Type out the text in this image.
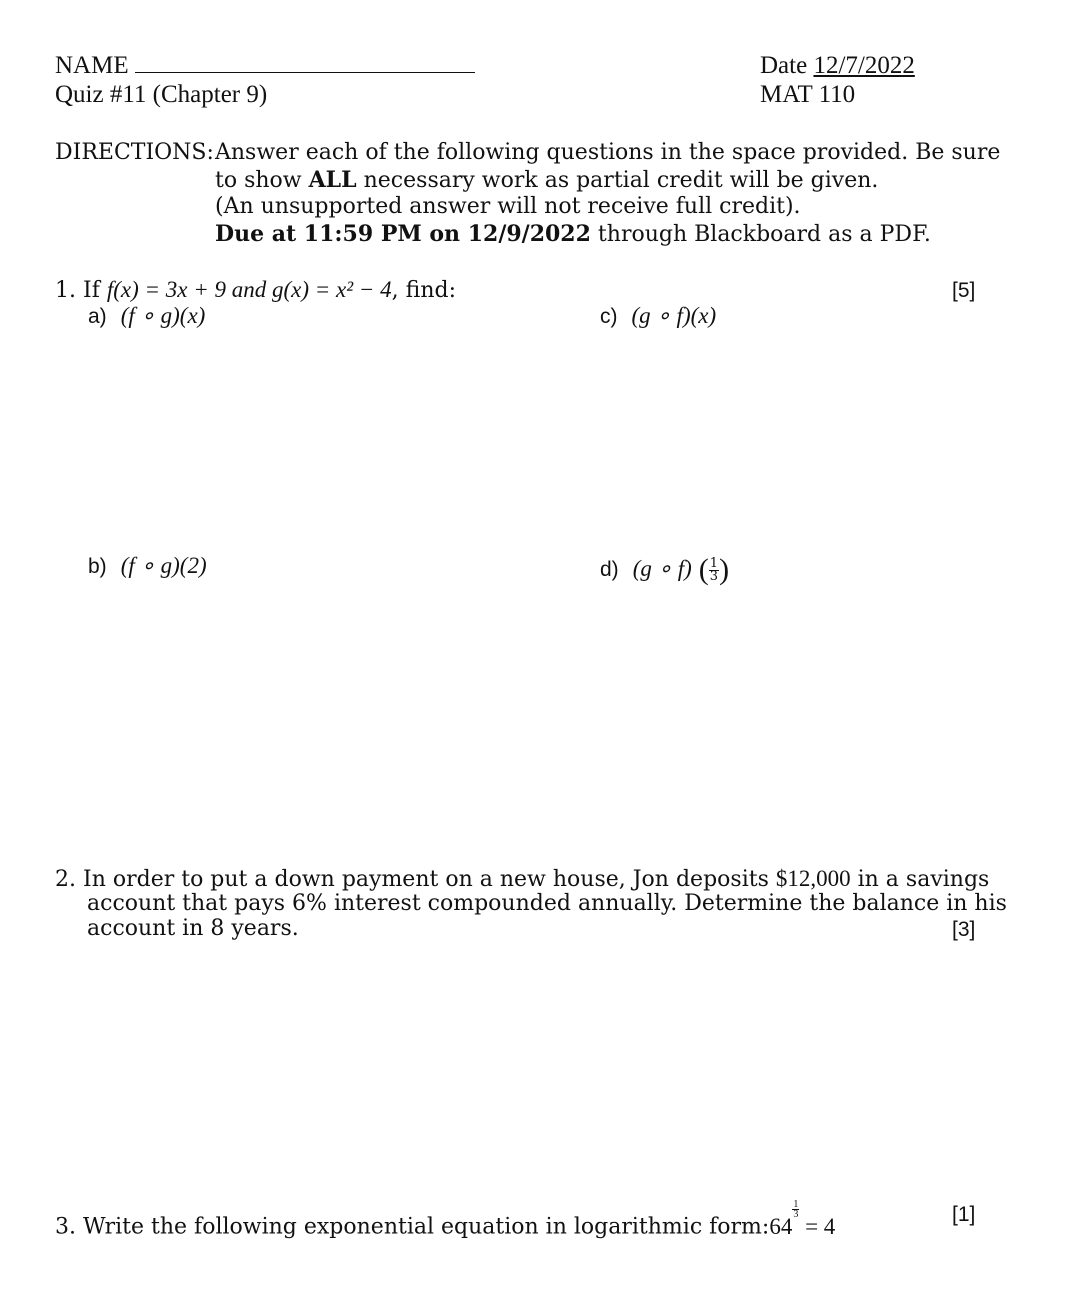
NAME
Quiz #11 (Chapter 9)
Date 12/7/2022
MAT 110
DIRECTIONS: Answer each of the following questions in the space provided. Be sure
to show ALL necessary work as partial credit will be given.
(An unsupported answer will not receive full credit).
Due at 11:59 PM on 12/9/2022 through Blackboard as a PDF.
1. If f(x) = 3x + 9 and g(x) = x² − 4, find:	[5]
a) (f ∘ g)(x)	c) (g ∘ f)(x)
b) (f ∘ g)(2)	d) (g ∘ f) ( $\frac{1}{3}$ )
2. In order to put a down payment on a new house, Jon deposits $12,000 in a savings
account that pays 6% interest compounded annually. Determine the balance in his
account in 8 years.	[3]
3. Write the following exponential equation in logarithmic form:64
$^{\frac{1}{3}}$
= 4	[1]
